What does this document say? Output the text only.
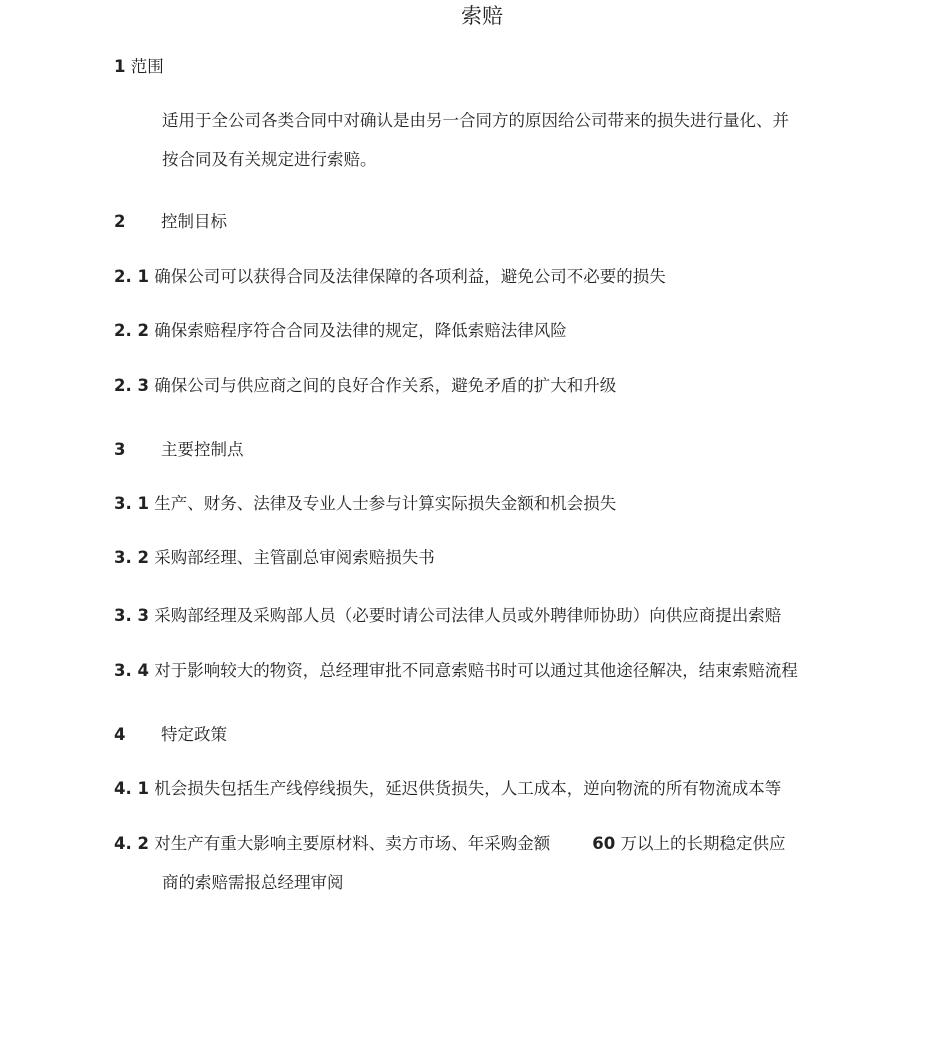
索赔
1 范围
适用于全公司各类合同中对确认是由另一合同方的原因给公司带来的损失进行量化、并
按合同及有关规定进行索赔。
2 控制目标
2. 1 确保公司可以获得合同及法律保障的各项利益，避免公司不必要的损失
2. 2 确保索赔程序符合合同及法律的规定，降低索赔法律风险
2. 3 确保公司与供应商之间的良好合作关系，避免矛盾的扩大和升级
3 主要控制点
3. 1 生产、财务、法律及专业人士参与计算实际损失金额和机会损失
3. 2 采购部经理、主管副总审阅索赔损失书
3. 3 采购部经理及采购部人员（必要时请公司法律人员或外聘律师协助）向供应商提出索赔
3. 4 对于影响较大的物资，总经理审批不同意索赔书时可以通过其他途径解决，结束索赔流程
4 特定政策
4. 1 机会损失包括生产线停线损失，延迟供货损失，人工成本，逆向物流的所有物流成本等
4. 2 对生产有重大影响主要原材料、卖方市场、年采购金额	60 万以上的长期稳定供应
商的索赔需报总经理审阅
